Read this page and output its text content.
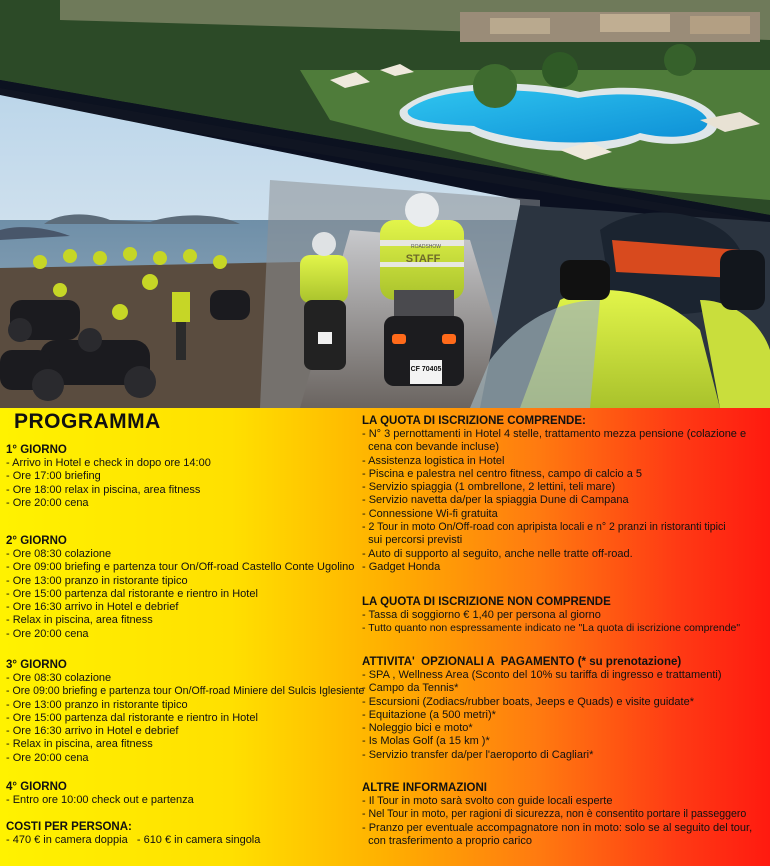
ROADSHOW
STAFF
CF 70405
PROGRAMMA

1° GIORNO

- Arrivo in Hotel e check in dopo ore 14:00

- Ore 17:00 briefing

- Ore 18:00 relax in piscina, area fitness

- Ore 20:00 cena

2° GIORNO

- Ore 08:30 colazione

- Ore 09:00 briefing e partenza tour On/Off-road Castello Conte Ugolino

- Ore 13:00 pranzo in ristorante tipico

- Ore 15:00 partenza dal ristorante e rientro in Hotel

- Ore 16:30 arrivo in Hotel e debrief

- Relax in piscina, area fitness

- Ore 20:00 cena

3° GIORNO

- Ore 08:30 colazione

- Ore 09:00 briefing e partenza tour On/Off-road Miniere del Sulcis Iglesiente

- Ore 13:00 pranzo in ristorante tipico

- Ore 15:00 partenza dal ristorante e rientro in Hotel

- Ore 16:30 arrivo in Hotel e debrief

- Relax in piscina, area fitness

- Ore 20:00 cena

4° GIORNO

- Entro ore 10:00 check out e partenza

COSTI PER PERSONA:

- 470 € in camera doppia   - 610 € in camera singola

LA QUOTA DI ISCRIZIONE COMPRENDE:

- N° 3 pernottamenti in Hotel 4 stelle, trattamento mezza pensione (colazione e

cena con bevande incluse)

- Assistenza logistica in Hotel

- Piscina e palestra nel centro fitness, campo di calcio a 5

- Servizio spiaggia (1 ombrellone, 2 lettini, teli mare)

- Servizio navetta da/per la spiaggia Dune di Campana

- Connessione Wi-fi gratuita

- 2 Tour in moto On/Off-road con apripista locali e n° 2 pranzi in ristoranti tipici

sui percorsi previsti

- Auto di supporto al seguito, anche nelle tratte off-road.

- Gadget Honda

LA QUOTA DI ISCRIZIONE NON COMPRENDE

- Tassa di soggiorno € 1,40 per persona al giorno

- Tutto quanto non espressamente indicato ne "La quota di iscrizione comprende"

ATTIVITA'  OPZIONALI A  PAGAMENTO (* su prenotazione)

- SPA , Wellness Area (Sconto del 10% su tariffa di ingresso e trattamenti)

- Campo da Tennis*

- Escursioni (Zodiacs/rubber boats, Jeeps e Quads) e visite guidate*

- Equitazione (a 500 metri)*

- Noleggio bici e moto*

- Is Molas Golf (a 15 km )*

- Servizio transfer da/per l'aeroporto di Cagliari*

ALTRE INFORMAZIONI

- Il Tour in moto sarà svolto con guide locali esperte

- Nel Tour in moto, per ragioni di sicurezza, non è consentito portare il passeggero

- Pranzo per eventuale accompagnatore non in moto: solo se al seguito del tour,

con trasferimento a proprio carico
